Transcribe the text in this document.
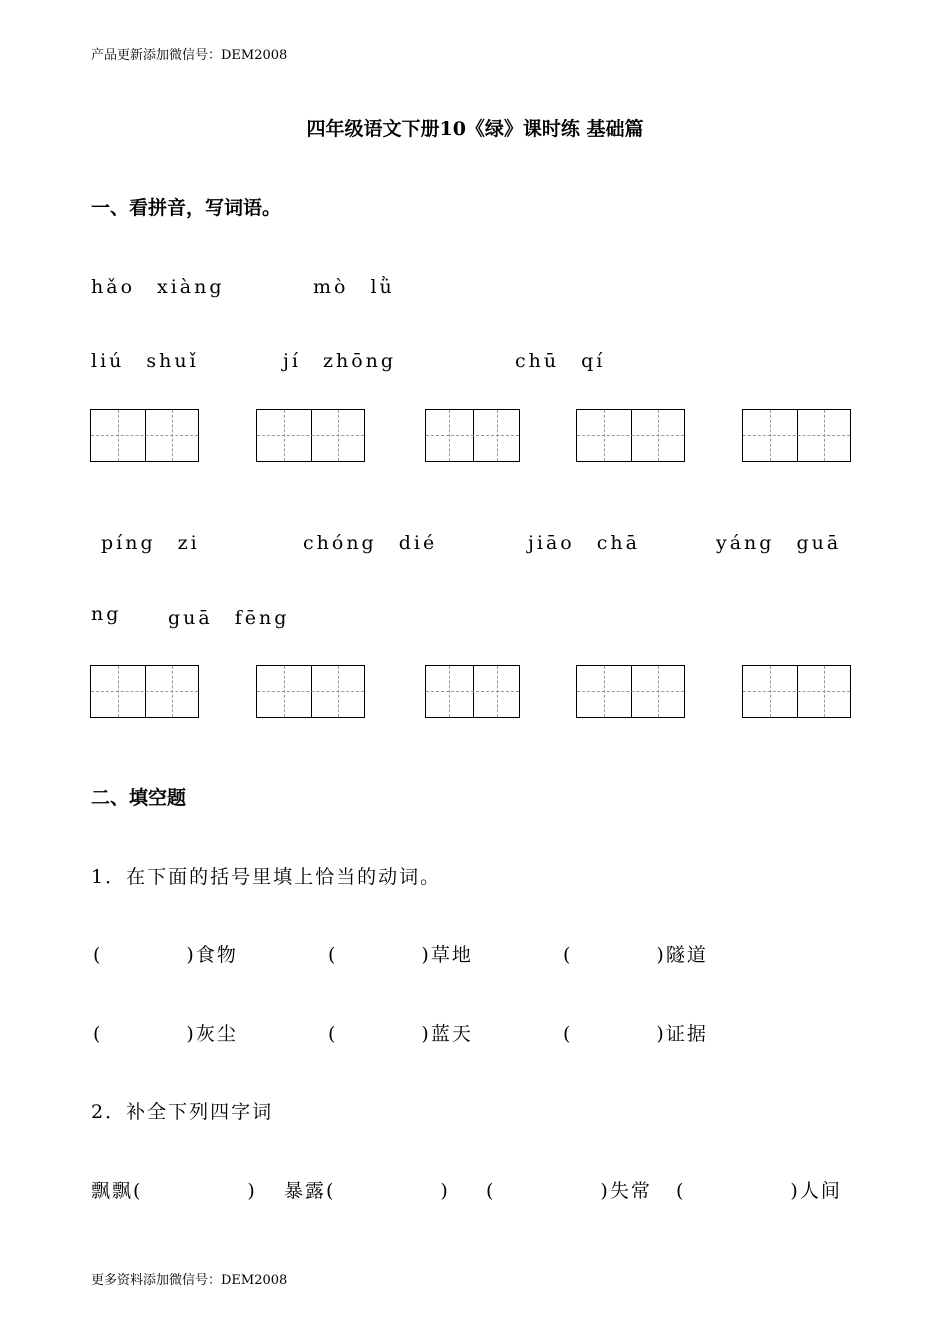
产品更新添加微信号：DEM2008
四年级语文下册10《绿》课时练 基础篇
一、看拼音，写词语。
hǎo　xiàng	mò　lǜ
liú　shuǐ	jí　zhōng	chū　qí
píng　zi	chóng　dié	jiāo　chā	yáng　guā
ng guā　fēng
二、填空题
1．在下面的括号里填上恰当的动词。
(　　　　)食物	(　　　　)草地	(　　　　)隧道
(　　　　)灰尘	(　　　　)蓝天	(　　　　)证据
2．补全下列四字词
飘飘(　　　　　) 暴露(　　　　　) (　　　　　)失常 (　　　　　)人间
更多资料添加微信号：DEM2008
